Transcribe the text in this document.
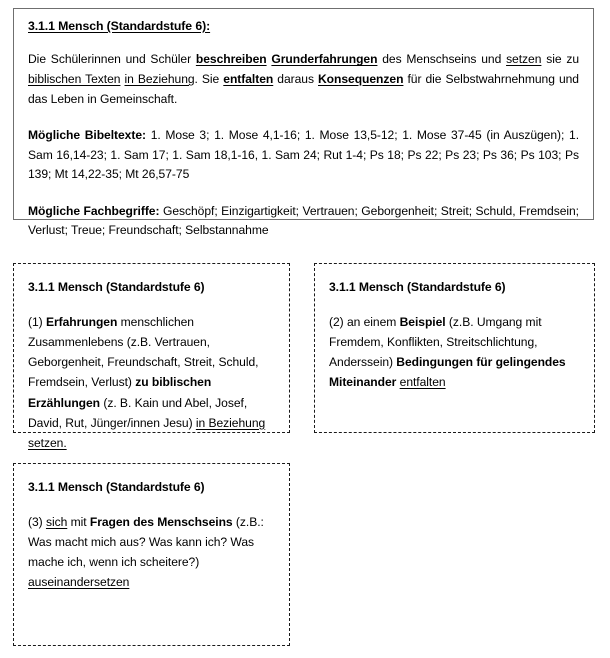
3.1.1 Mensch (Standardstufe 6):

Die Schülerinnen und Schüler beschreiben Grunderfahrungen des Menschseins und setzen sie zu biblischen Texten in Beziehung. Sie entfalten daraus Konsequenzen für die Selbstwahrnehmung und das Leben in Gemeinschaft.

Mögliche Bibeltexte: 1. Mose 3; 1. Mose 4,1-16; 1. Mose 13,5-12; 1. Mose 37-45 (in Auszügen); 1. Sam 16,14-23; 1. Sam 17; 1. Sam 18,1-16, 1. Sam 24; Rut 1-4; Ps 18; Ps 22; Ps 23; Ps 36; Ps 103; Ps 139; Mt 14,22-35; Mt 26,57-75

Mögliche Fachbegriffe: Geschöpf; Einzigartigkeit; Vertrauen; Geborgenheit; Streit; Schuld, Fremdsein; Verlust; Treue; Freundschaft; Selbstannahme

3.1.1 Mensch (Standardstufe 6)

(1) Erfahrungen menschlichen Zusammenlebens (z.B. Vertrauen, Geborgenheit, Freundschaft, Streit, Schuld, Fremdsein, Verlust) zu biblischen Erzählungen (z. B. Kain und Abel, Josef, David, Rut, Jünger/innen Jesu) in Beziehung setzen.

3.1.1 Mensch (Standardstufe 6)

(2) an einem Beispiel (z.B. Umgang mit Fremdem, Konflikten, Streitschlichtung, Anderssein) Bedingungen für gelingendes Miteinander entfalten

3.1.1 Mensch (Standardstufe 6)

(3) sich mit Fragen des Menschseins (z.B.: Was macht mich aus? Was kann ich? Was mache ich, wenn ich scheitere?) auseinandersetzen
